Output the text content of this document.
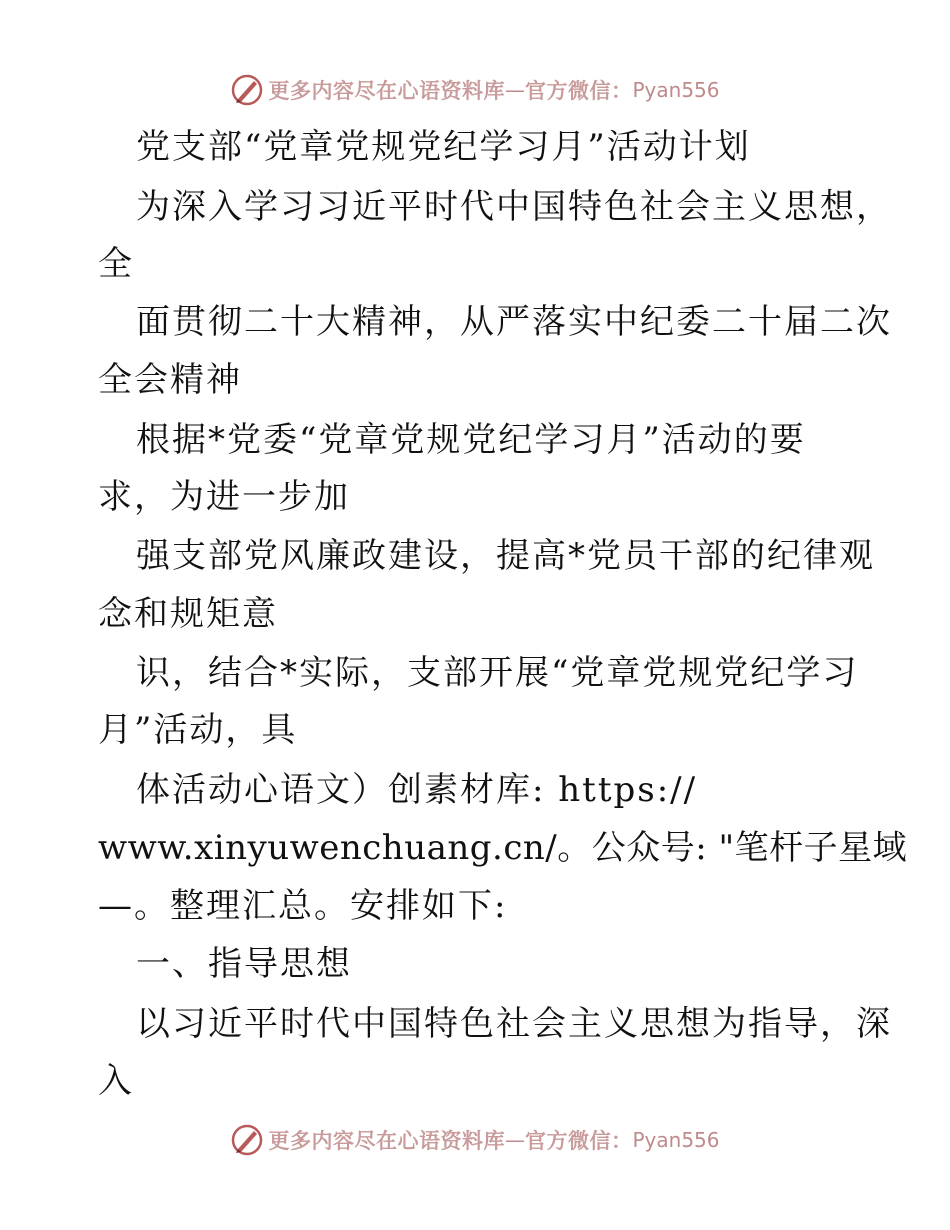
更多内容尽在心语资料库 — 官方微信： Pyan556
党支部“党章党规党纪学习月”活动计划
为深入学习习近平时代中国特色社会主义思想，
全
面贯彻二十大精神，从严落实中纪委二十届二次
全会精神
根据*党委“党章党规党纪学习月”活动的要
求，为进一步加
强支部党风廉政建设，提高*党员干部的纪律观
念和规矩意
识，结合*实际，支部开展“党章党规党纪学习
月”活动，具
体活动心语文）创素材库: https://
www.xinyuwenchuang.cn/。公众号: "笔杆子星域
—。整理汇总。安排如下:
一、指导思想
以习近平时代中国特色社会主义思想为指导，深
入
更多内容尽在心语资料库 — 官方微信： Pyan556
